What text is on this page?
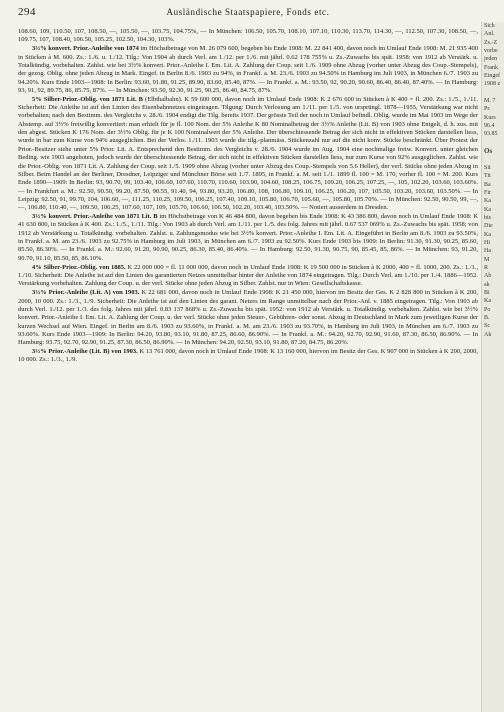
294	Ausländische Staatspapiere, Fonds etc.

108.60, 109, 110.50, 107, 108.50, —, 105.50, —, 103.75, 104.75%, — In München: 106.50, 105.70, 108.10, 107.10, 110.30, 113.70, 114.30, —, 112.50, 107.30, 108.50, —, 109.75, 107, 108.40, 106.50, 105.25, 102.50, 104.30, 103%.

3½% konvert. Prior.-Anleihe von 1874 im Höchstbetrage von M. 26 079 600, begeben bis Ende 1908: M. 22 841 400, davon noch im Umlauf Ende 1908: M. 21 935 400 in Stücken à M. 600. Zs.: 1./6. u. 1./12. Tilg.: Von 1904 ab durch Verl. am 1./12. per 1./6. mit jährl. 0.62 178 755% u. Zs.-Zuwachs bis spät. 1958: von 1912 ab Verstärk. u. Totalkündig. vorbehalten. Zahlst. wie bei 3½% konvert. Prior.-Anleihe I. Em. Lit. A. Zahlung der Coup. seit 1./6. 1909 ohne Abzug (vorher unter Abzug des Coup.-Stempels), der gezog. Oblig. ohne jeden Abzug in Mark. Eingef. in Berlin 8./6. 1903 zu 94%, in Frankf. a. M. 23./6. 1903 zu 94.50% in Hamburg im Juli 1903, in München 6./7. 1903 zu 94.20%. Kurs Ende 1903—1908: In Berlin: 93.60, 91.80, 91.25, 89.90, 83.60, 85.40, 87%. — In Frankf. a. M.: 93.50, 92, 90.20, 90.60, 86.40, 86.40, 87.40%. — In Hamburg: 93, 91, 92, 89.75, 86, 85.75, 87%. — In München: 93.50, 92.30, 91.25, 90.25, 86.40, 84.75, 87%.

5% Silber-Prior.-Oblig. von 1871 Lit. B (Elbthalbahn). K 59 600 000, davon noch im Umlauf Ende 1908: K 2 676 600 in Stücken à K 400 = fl. 200. Zs.: 1./5., 1./11. Sicherheit: Die Anleihe ist auf den Linien des Eisenbahnnetzes eingetragen. Tilgung: Durch Verlosung am 1./11. per 1./5. von ursprüngl. 1878—1955, Verstärkung war nicht vorbehalten; nach den Bestimm. des Vergleichs v. 28./6. 1904 endigt die Tilg. bereits 1937. Der grösste Teil der noch in Umlauf befindl. Oblig. wurde im Mai 1903 im Wege der Abstemp. auf 3½% freiwillig konvertiert: man erhielt für je fl. 100 Nom. der 5% Anleihe K 80 Nominalbetrag der 3½% Anleihe (Lit. B) von 1903 ohne Entgelt, d. h. zus. mit den abgest. Stücken K 176 Nom. der 3½% Oblig. für je K 100 Nominalwert der 5% Anleihe. Der überschiessende Betrag der sich nicht in effektiven Stücken darstellen liess, wurde in bar zum Kurse von 94% ausgeglichen. Bei der Verlos. 1./11. 1903 wurde die tilg.-planmäss. Stückenzahl nur auf die nicht konv. Stücke beschränkt. Über Protest der Prior.-Besitzer siehe unter 5% Prior. Lit. A. Entsprechend den Bestimm. des Vergleichs v. 28./6. 1904 wurde im Aug. 1904 eine nochmalige freiw. Konvert. unter gleichen Beding. wie 1903 angeboten, jedoch wurde der überschiessende Betrag, der sich nicht in effektiven Stücken darstellen liess, nur zum Kurse von 92% ausgeglichen. Zahlst. wie die Prior.-Oblig. von 1871 Lit. A. Zahlung der Coup. seit 1./5. 1909 ohne Abzug (vorher unter Abzug des Coup.-Stempels von 5.6 Heller), der verl. Stücke ohne jeden Abzug in Silber. Beim Handel an der Berliner, Dresdner, Leipziger und Münchner Börse seit 1./7. 1895, in Frankf. a. M. seit 1./1. 1899 fl. 100 = M. 170, vorher fl. 100 = M. 200. Kurs Ende 1890—1909: In Berlin: 93, 90.70, 99, 103.40, 106.60, 107.60, 110.70, 110.60, 103.90, 104.60, 108.25, 106.75, 109.20, 106.25, 107.25, —, 105, 102.20, 103.60, 103.60%. — In Frankfurt a. M.: 92.50, 90.50, 99.20, 87.50, 90.55, 91.40, 94, 93.80, 93.20, 106.80, 108, 106.80, 109.10, 106.25, 106.20, 107, 105.50, 103.20, 103.60, 103.50%. — In Leipzig: 92.50, 91, 99.70, 104, 106.60, —, 111.25, 110.25, 109.50, 106.25, 107.40, 109.10, 105.80, 106.70, 105.60, —, 105.80, 105.70%. — In München: 92.50, 90.50, 99, —, —, 106.80, 110.40, —, 109.50, 106.25, 107.60, 107, 109, 105.70, 106.60, 106.50, 102.20, 103.40, 103.50%. — Notiert ausserdem in Dresden.

3½% konvert. Prior.-Anleihe von 1871 Lit. B im Höchstbetrage von K 46 484 800, davon begeben bis Ende 1908: K 43 386 800, davon noch in Umlauf Ende 1908: K 41 630 800, in Stücken à K 400. Zs.: 1./5., 1./11. Tilg.: Von 1903 ab durch Verl. am 1./11. per 1./5. des folg. Jahres mit jährl. 0.67 537 069% u. Zs.-Zuwachs bis spät. 1958; von 1912 ab Verstärkung u. Totalkündig. vorbehalten. Zahlst. u. Zahlungsmodus wie bei 3½% konvert. Prior.-Anleihe I. Em. Lit. A. Eingeführt in Berlin am 8./6. 1903 zu 93.50%, in Frankf. a. M. am 23./6. 1903 zu 92.75% in Hamburg im Juli 1903, in München am 6./7. 1903 zu 92.50%. Kurs Ende 1903 bis 1909: In Berlin: 91.30, 91.30, 90.25, 85.60, 85.50, 86.30%. — In Frankf. a. M.: 92.60, 91.20, 90.90, 90.25, 86.30, 85.40, 86.40%. — In Hamburg: 92.50, 91.30, 90.75, 90, 85.45, 85, 86%. — In München: 93, 91.20, 90.70, 91.10, 85.50, 85, 86.10%.

4% Silber-Prior.-Oblig. von 1885. K 22 000 000 = fl. 11 000 000, davon noch in Umlauf Ende 1908: K 19 500 000 in Stücken à K 2000, 400 = fl. 1000, 200. Zs.: 1./1., 1./10. Sicherheit: Die Anleihe ist auf den Linien des garantierten Netzes unmittelbar hinter der Anleihe von 1874 eingetragen. Tilg.: Durch Verl. am 1./10. per 1./4. 1886—1952. Verstärkung vorbehalten. Zahlung der Coup. u. der verl. Stücke ohne jeden Abzug in Silber. Zahlst. nur in Wien: Gesellschaftskasse.

3½% Prior.-Anleihe (Lit. A) von 1903. K 22 681 000, davon noch in Umlauf Ende 1908: K 21 450 000, hiervon im Besitz der Ges. K 2 828 800 in Stücken à K 200, 2000, 10 000. Zs.: 1./3., 1./9. Sicherheit: Die Anleihe ist auf den Linien des garant. Netzes im Range unmittelbar nach der Prior.-Anl. v. 1885 eingetragen. Tilg.: Von 1903 ab durch Verl. 1./12. per 1./3. des folg. Jahres mit jährl. 0.83 137 868% u. Zs.-Zuwachs bis spät. 1952: von 1912 ab Verstärk. u. Totalkündig. vorbehalten. Zahlst. wie bei 3½% konvert. Prior.-Anleihe I. Em. Lit. A. Zahlung der Coup. u. der verl. Stücke ohne jeden Steuer-, Gebühren- oder sonst. Abzug in Deutschland in Mark zum jeweiligen Kurse der kurzen Wechsel auf Wien. Eingef. in Berlin am 8./6. 1903 zu 93.60%, in Frankf. a. M. am 23./6. 1903 zu 93.70%, in Hamburg im Juli 1903, in München am 6./7. 1903 zu 93.60%. Kurs Ende 1903—1909: In Berlin: 94.20, 93.80, 93.10, 91.80, 87.25, 86.60, 86.90%. — In Frankf. a. M.: 94.20, 92.70, 92.90, 91.60, 87.30, 86.50, 86.90%. — In Hamburg: 93.75, 92.70, 92.90, 91.25, 87.30, 86.50, 86.90%. — In München: 94.20, 92.50, 93.10, 91.80, 87.20, 84.75, 86.20%.

3½% Prior.-Anleihe (Lit. B) von 1903. K 13 761 000, davon noch in Umlauf Ende 1908: K 13 160 000, hiervon im Besitz der Ges. K 907 000 in Stücken à K 200, 2000, 10 000. Zs.: 1./3., 1./9.

Sich
Anl.
Zs.-Z
vorbe
jeden
Frank
Eingef
1908 z

M. 7
Pr.
Kurs
96.4
93.85

Os

Sit
Tit
Ba
Fir
Ka
Ka
bis
Die
Ka
Hi
Ha
M
R
Ab
ak
Bi
Ka
Po
B.
Sc
Ak
